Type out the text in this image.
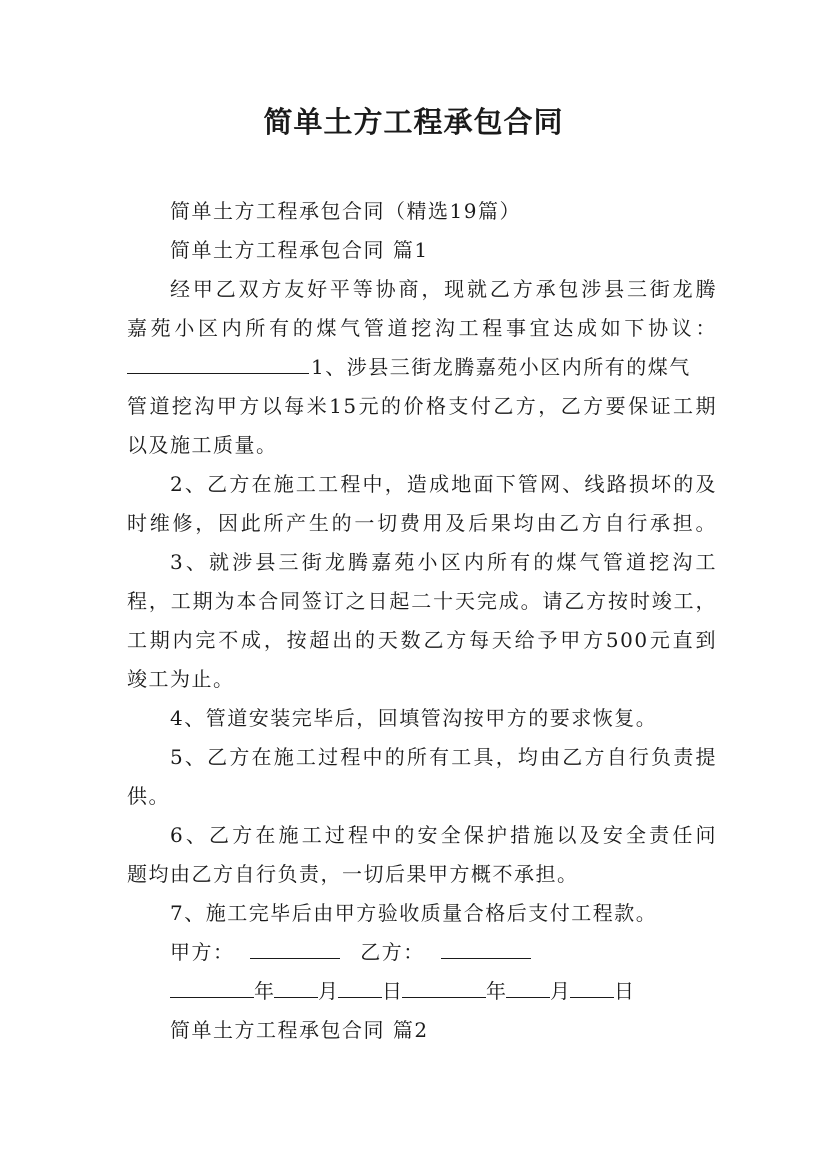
简单土方工程承包合同
简单土方工程承包合同（精选19篇）
简单土方工程承包合同 篇1
经甲乙双方友好平等协商，现就乙方承包涉县三街龙腾
嘉苑小区内所有的煤气管道挖沟工程事宜达成如下协议：
1、涉县三街龙腾嘉苑小区内所有的煤气
管道挖沟甲方以每米15元的价格支付乙方，乙方要保证工期
以及施工质量。
2、乙方在施工工程中，造成地面下管网、线路损坏的及
时维修，因此所产生的一切费用及后果均由乙方自行承担。
3、就涉县三街龙腾嘉苑小区内所有的煤气管道挖沟工
程，工期为本合同签订之日起二十天完成。请乙方按时竣工，
工期内完不成，按超出的天数乙方每天给予甲方500元直到
竣工为止。
4、管道安装完毕后，回填管沟按甲方的要求恢复。
5、乙方在施工过程中的所有工具，均由乙方自行负责提
供。
6、乙方在施工过程中的安全保护措施以及安全责任问
题均由乙方自行负责，一切后果甲方概不承担。
7、施工完毕后由甲方验收质量合格后支付工程款。
甲方：	乙方：
年 月 日	年 月 日
简单土方工程承包合同 篇2
